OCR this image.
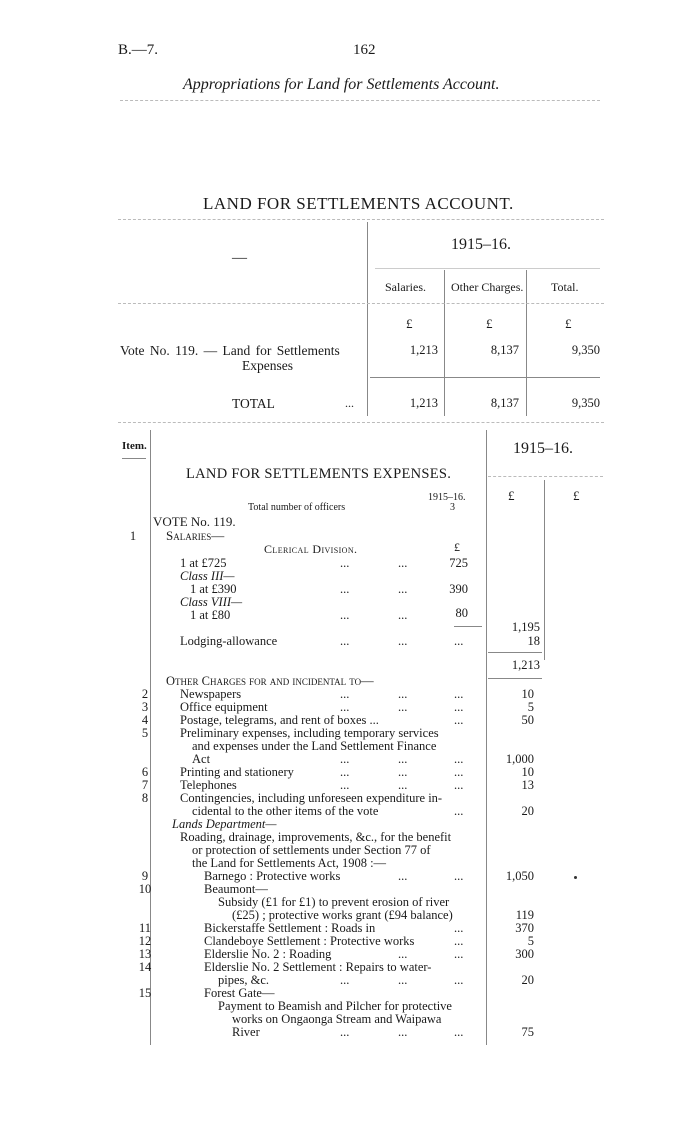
B.—7.	162
Appropriations for Land for Settlements Account.
LAND FOR SETTLEMENTS ACCOUNT.
—
1915–16.
Salaries. Other Charges. Total.
£	£	£
Vote No. 119. — Land for Settlements
Expenses
1,213	8,137	9,350
TOTAL	...	1,213	8,137	9,350
Item.	1915–16.
£	£
LAND FOR SETTLEMENTS EXPENSES.
1915–16.
Total number of officers	3
VOTE No. 119.
1	Salaries—
Clerical Division.	£
1 at £725	...	...	725
Class III—
1 at £390	...	...	390
Class VIII—
1 at £80	...	...	80
1,195
Lodging-allowance	...	...	...	18
1,213
Other Charges for and incidental to—
2	Newspapers	...	...	...	10
3	Office equipment	...	...	...	5
4	Postage, telegrams, and rent of boxes ...	...	50
5	Preliminary expenses, including temporary services
and expenses under the Land Settlement Finance
Act	...	...	...	1,000
6	Printing and stationery	...	...	...	10
7	Telephones	...	...	...	13
8	Contingencies, including unforeseen expenditure in-
cidental to the other items of the vote	...	20
Lands Department—
Roading, drainage, improvements, &c., for the benefit
or protection of settlements under Section 77 of
the Land for Settlements Act, 1908 :—
9	Barnego : Protective works	...	...	1,050
10	Beaumont—
Subsidy (£1 for £1) to prevent erosion of river
(£25) ; protective works grant (£94 balance)	119
11	Bickerstaffe Settlement : Roads in	...	370
12	Clandeboye Settlement : Protective works	...	5
13	Elderslie No. 2 : Roading	...	...	300
14	Elderslie No. 2 Settlement : Repairs to water-
pipes, &c.	...	...	...	20
15	Forest Gate—
Payment to Beamish and Pilcher for protective
works on Ongaonga Stream and Waipawa
River	...	...	...	75
